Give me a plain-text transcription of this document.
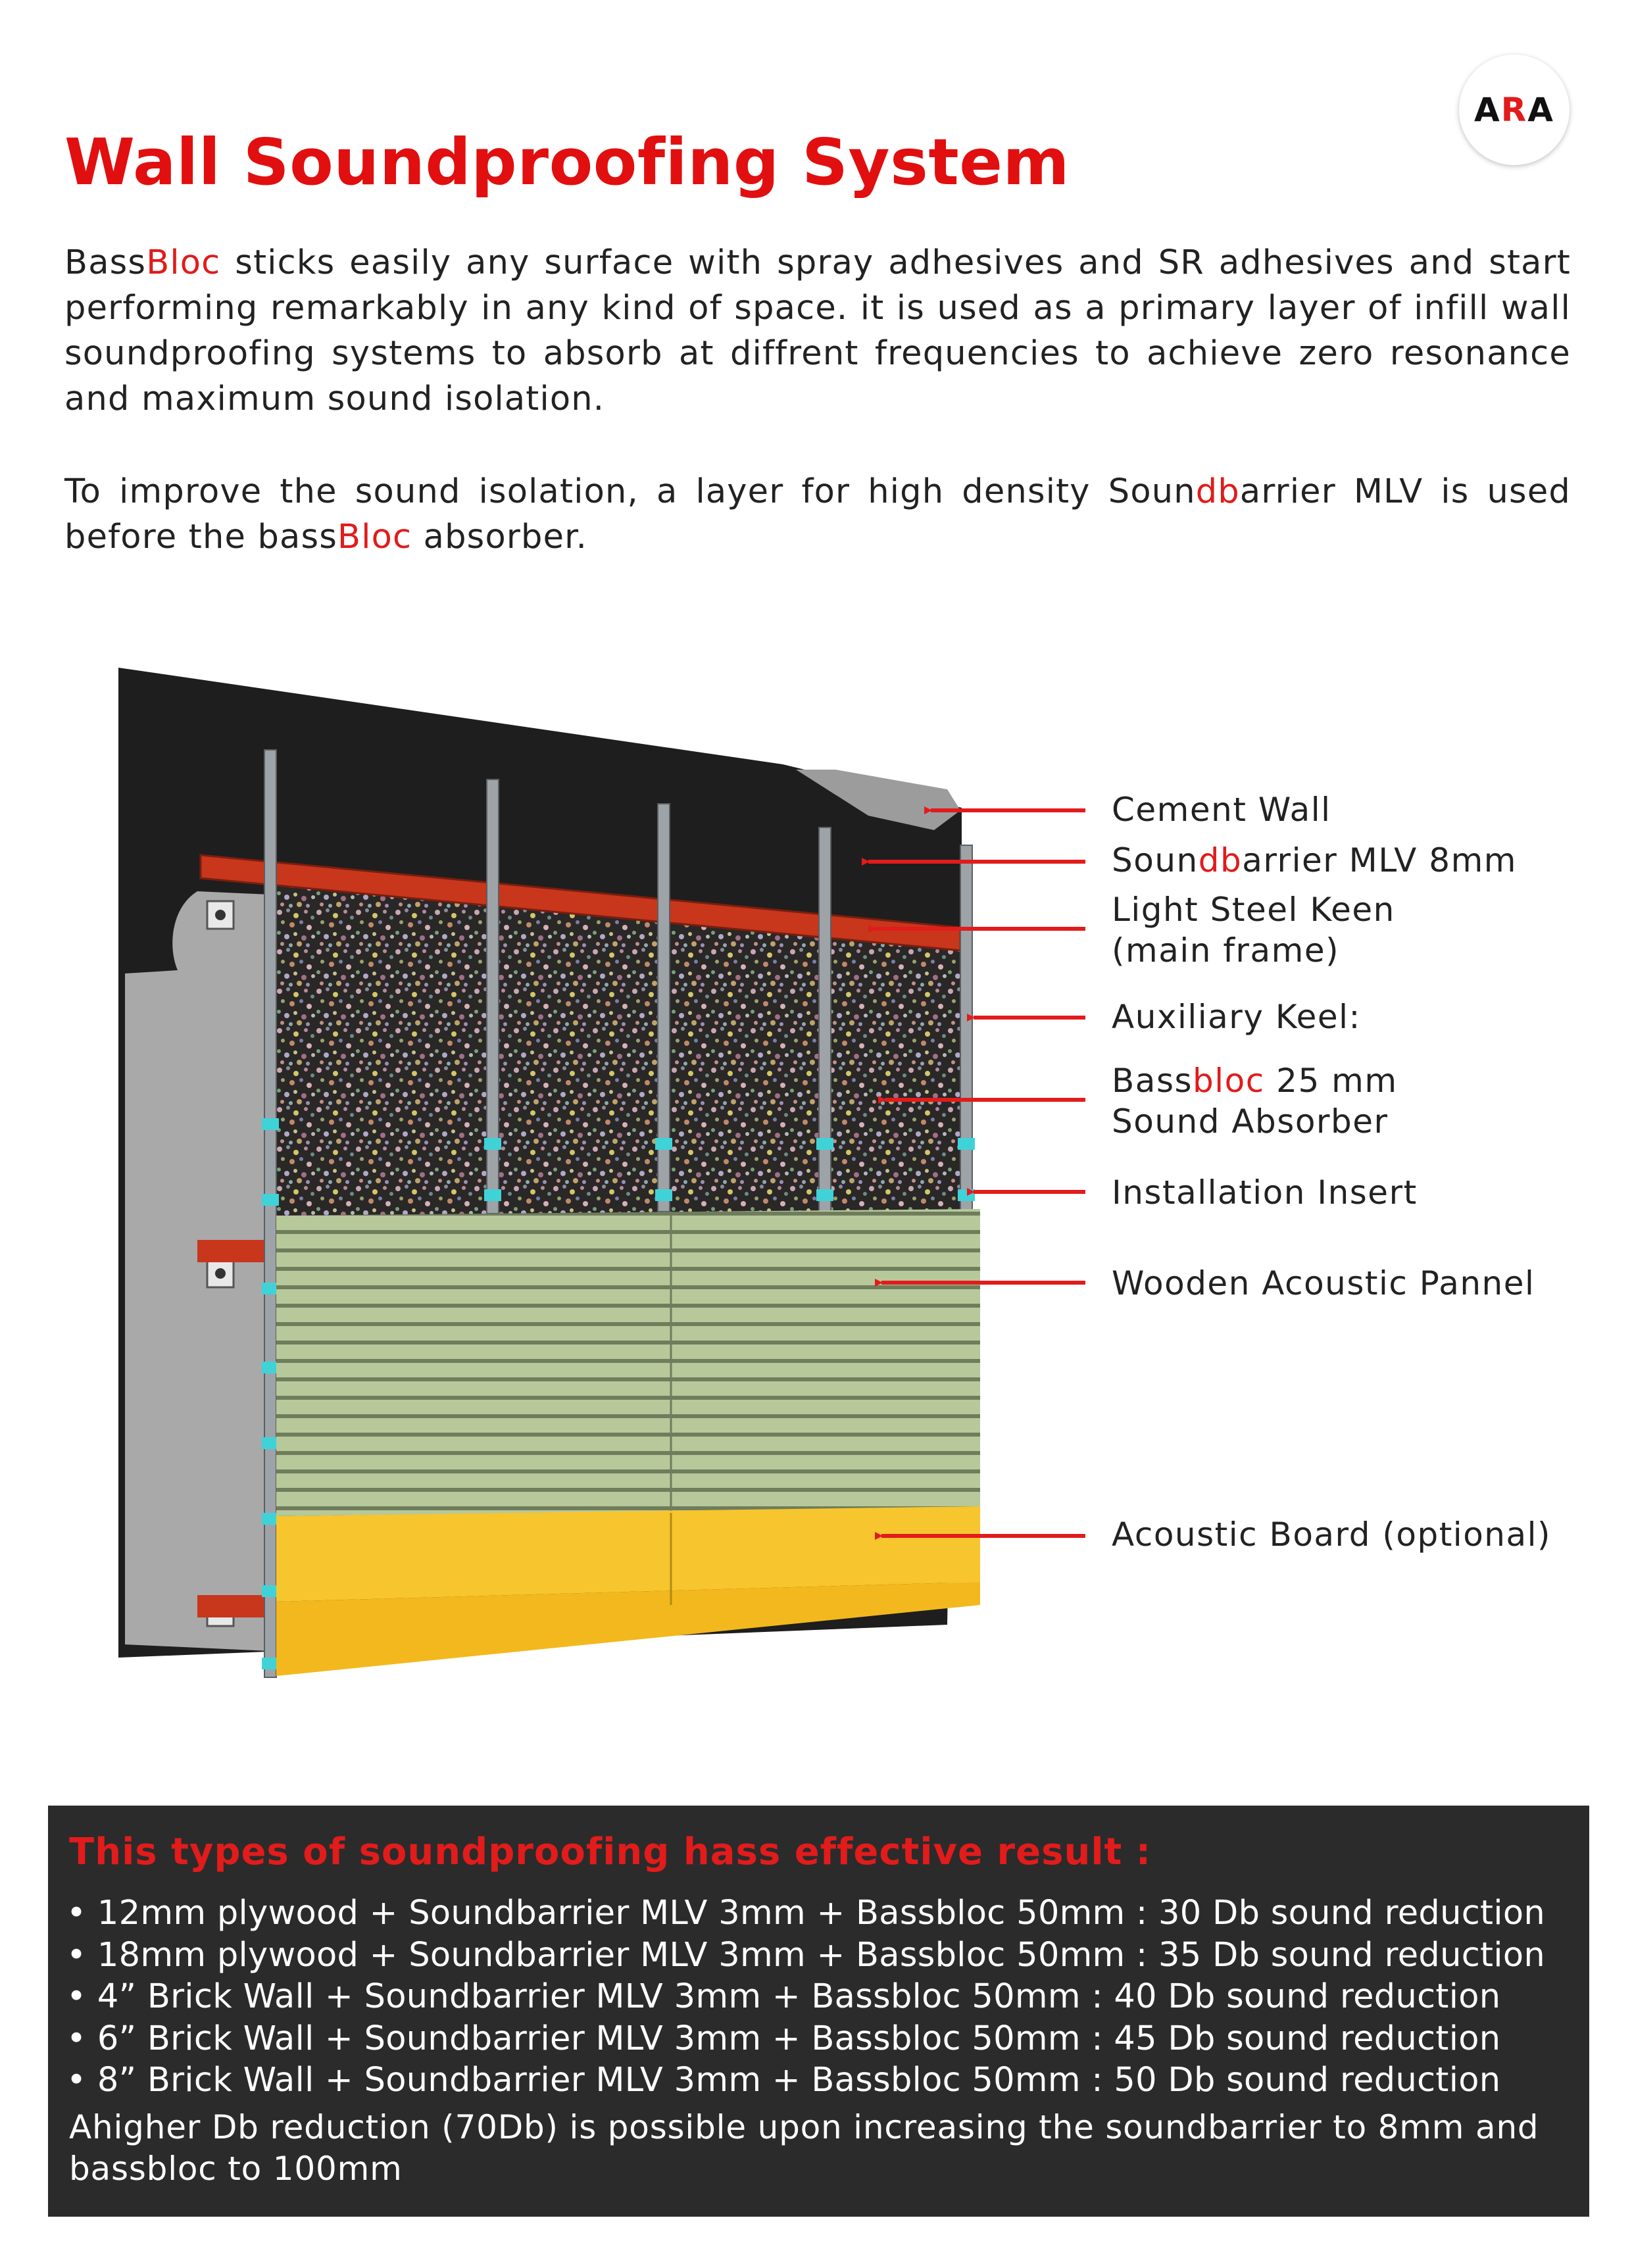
A R A
Wall Soundproofing System

BassBloc sticks easily any surface with spray adhesives and SR adhesives and start performing remarkably in any kind of space. it is used as a primary layer of infill wall soundproofing systems to absorb at diffrent frequencies to achieve zero resonance and maximum sound isolation.

To improve the sound isolation, a layer for high density Soundbarrier MLV is used before the bassBloc absorber.

Cement Wall
Soundbarrier MLV 8mm
Light Steel Keen
(main frame)
Auxiliary Keel:
Bassbloc 25 mm
Sound Absorber
Installation Insert
Wooden Acoustic Pannel
Acoustic Board (optional)
This types of soundproofing hass effective result :
• 12mm plywood + Soundbarrier MLV 3mm + Bassbloc 50mm : 30 Db sound reduction
• 18mm plywood + Soundbarrier MLV 3mm + Bassbloc 50mm : 35 Db sound reduction
• 4” Brick Wall + Soundbarrier MLV 3mm + Bassbloc 50mm : 40 Db sound reduction
• 6” Brick Wall + Soundbarrier MLV 3mm + Bassbloc 50mm : 45 Db sound reduction
• 8” Brick Wall + Soundbarrier MLV 3mm + Bassbloc 50mm : 50 Db sound reduction

Ahigher Db reduction (70Db) is possible upon increasing the soundbarrier to 8mm and bassbloc to 100mm
